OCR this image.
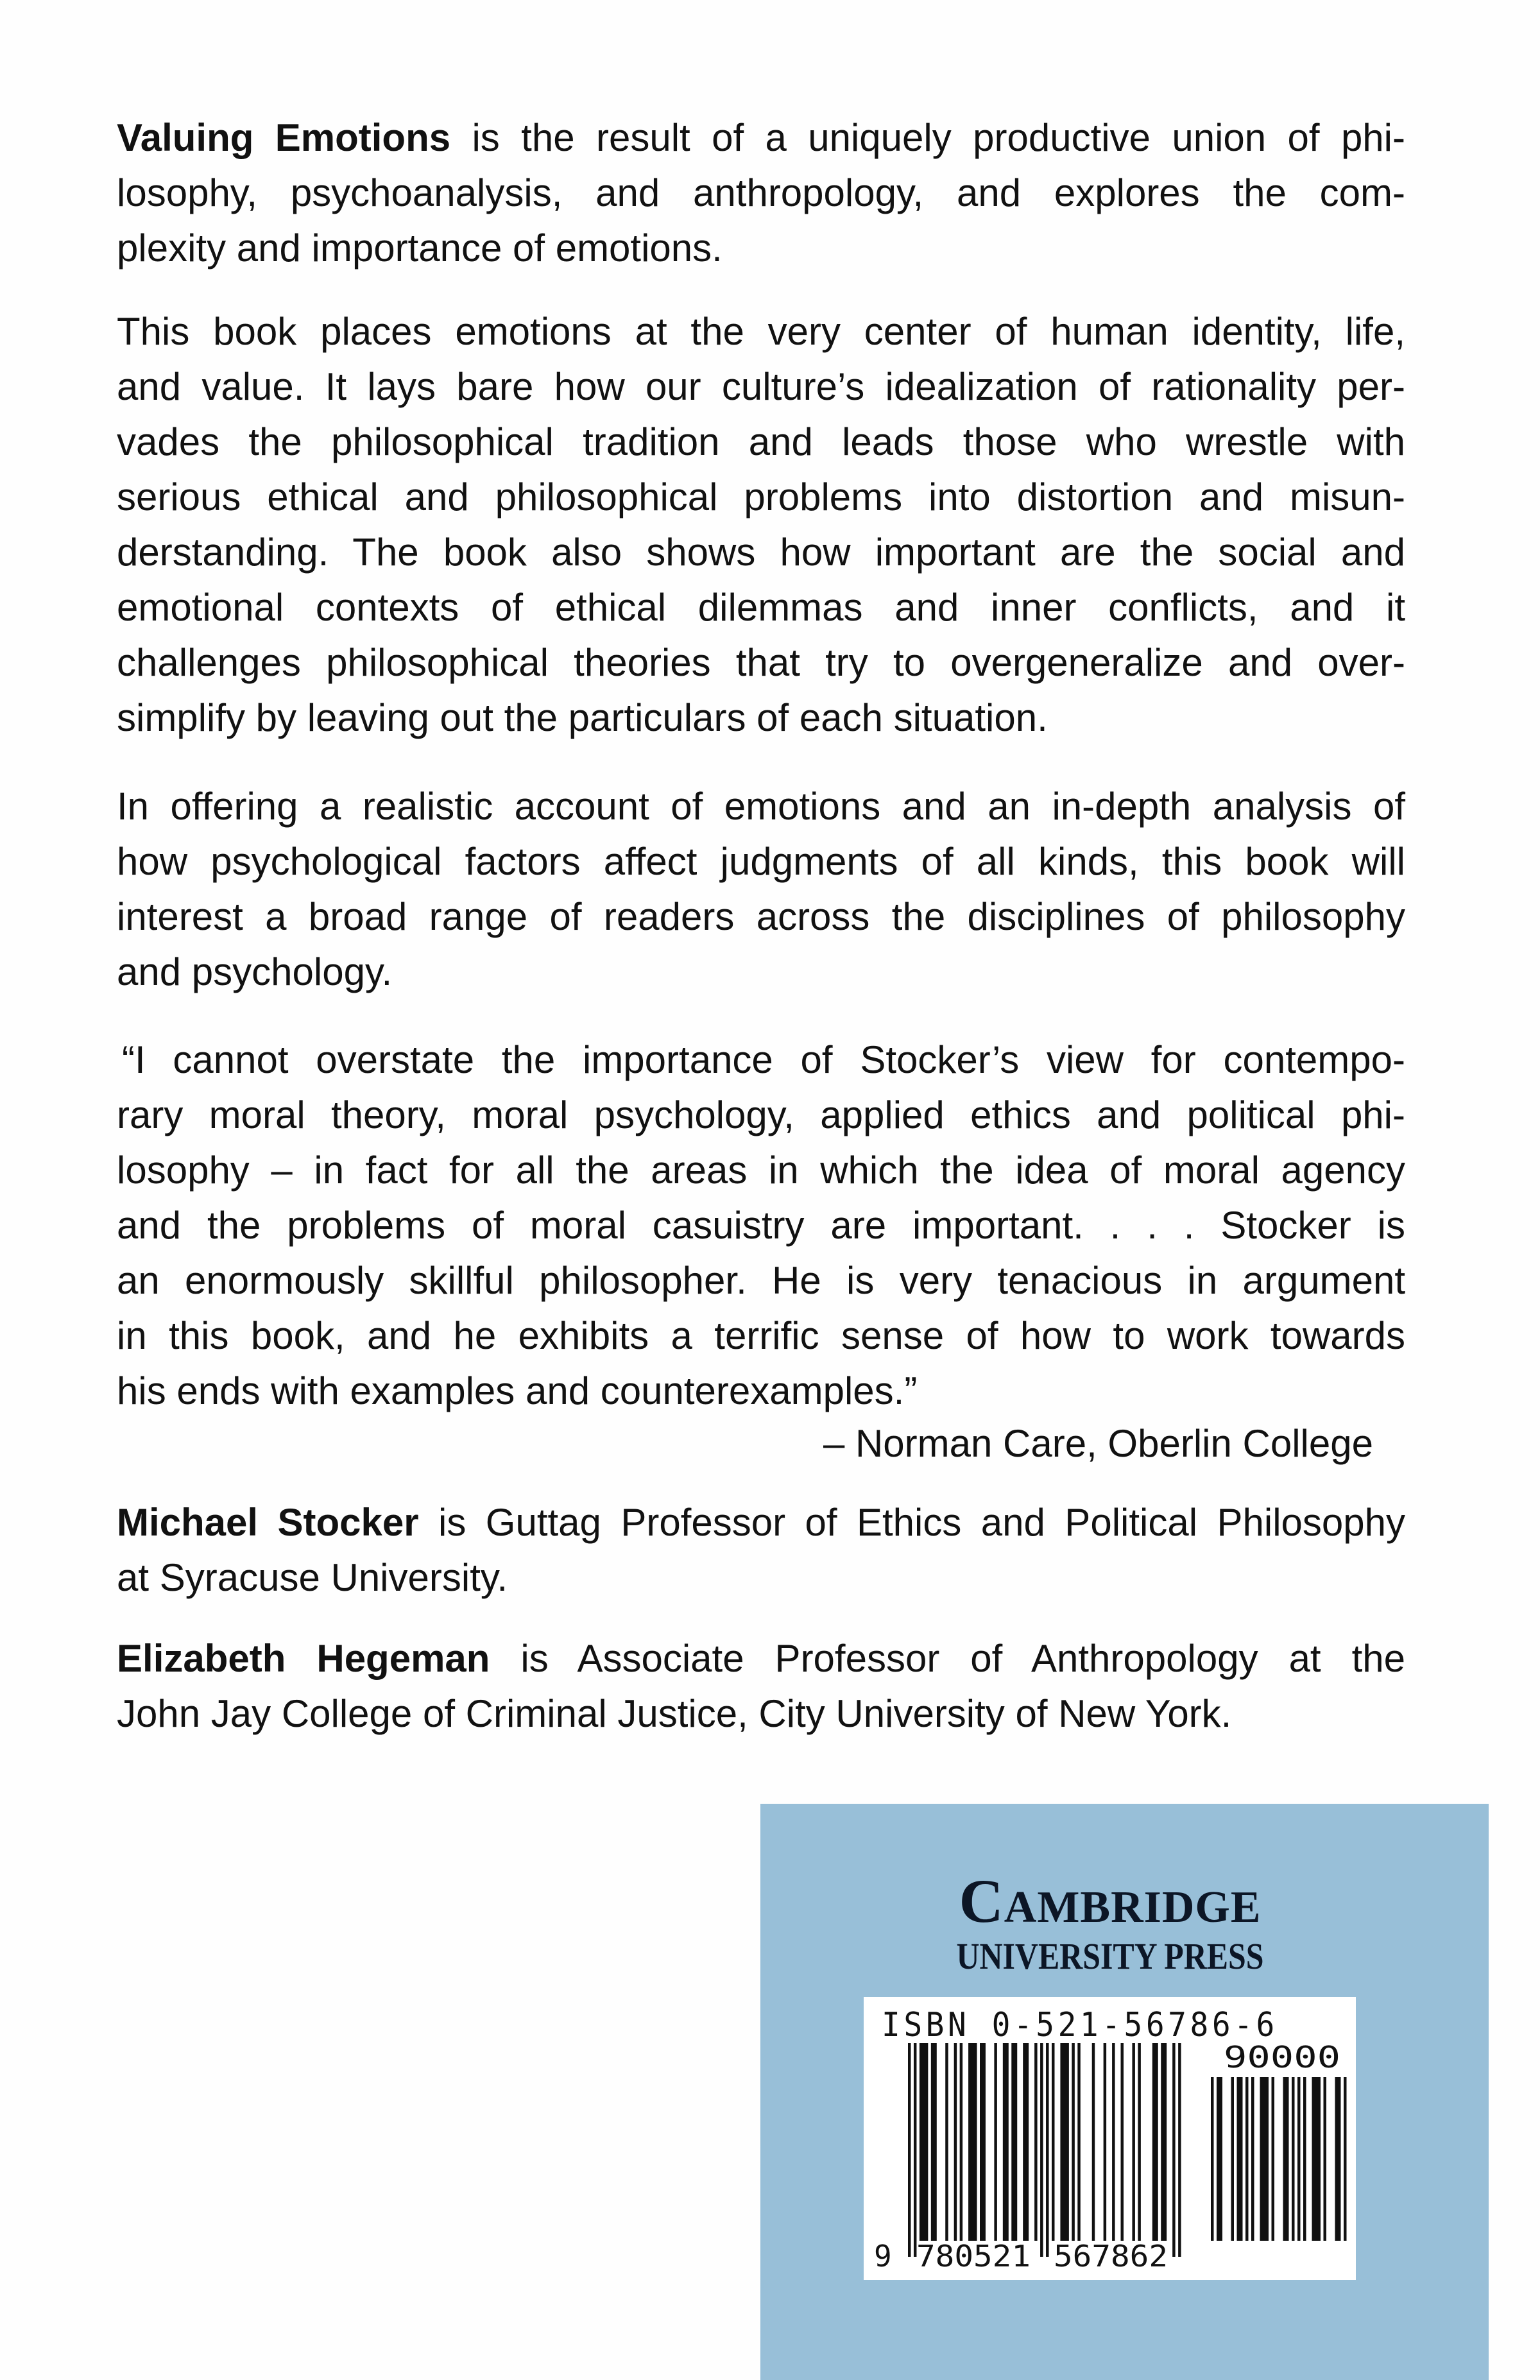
Valuing Emotions is the result of a uniquely productive union of phi-
losophy, psychoanalysis, and anthropology, and explores the com-
plexity and importance of emotions.
This book places emotions at the very center of human identity, life,
and value. It lays bare how our culture’s idealization of rationality per-
vades the philosophical tradition and leads those who wrestle with
serious ethical and philosophical problems into distortion and misun-
derstanding. The book also shows how important are the social and
emotional contexts of ethical dilemmas and inner conflicts, and it
challenges philosophical theories that try to overgeneralize and over-
simplify by leaving out the particulars of each situation.
In offering a realistic account of emotions and an in-depth analysis of
how psychological factors affect judgments of all kinds, this book will
interest a broad range of readers across the disciplines of philosophy
and psychology.
“I cannot overstate the importance of Stocker’s view for contempo-
rary moral theory, moral psychology, applied ethics and political phi-
losophy – in fact for all the areas in which the idea of moral agency
and the problems of moral casuistry are important. . . . Stocker is
an enormously skillful philosopher. He is very tenacious in argument
in this book, and he exhibits a terrific sense of how to work towards
his ends with examples and counterexamples.”
– Norman Care, Oberlin College
Michael Stocker is Guttag Professor of Ethics and Political Philosophy
at Syracuse University.
Elizabeth Hegeman is Associate Professor of Anthropology at the
John Jay College of Criminal Justice, City University of New York.
CAMBRIDGE
UNIVERSITY PRESS
9 780521 567862
90000
ISBN 0-521-56786-6
